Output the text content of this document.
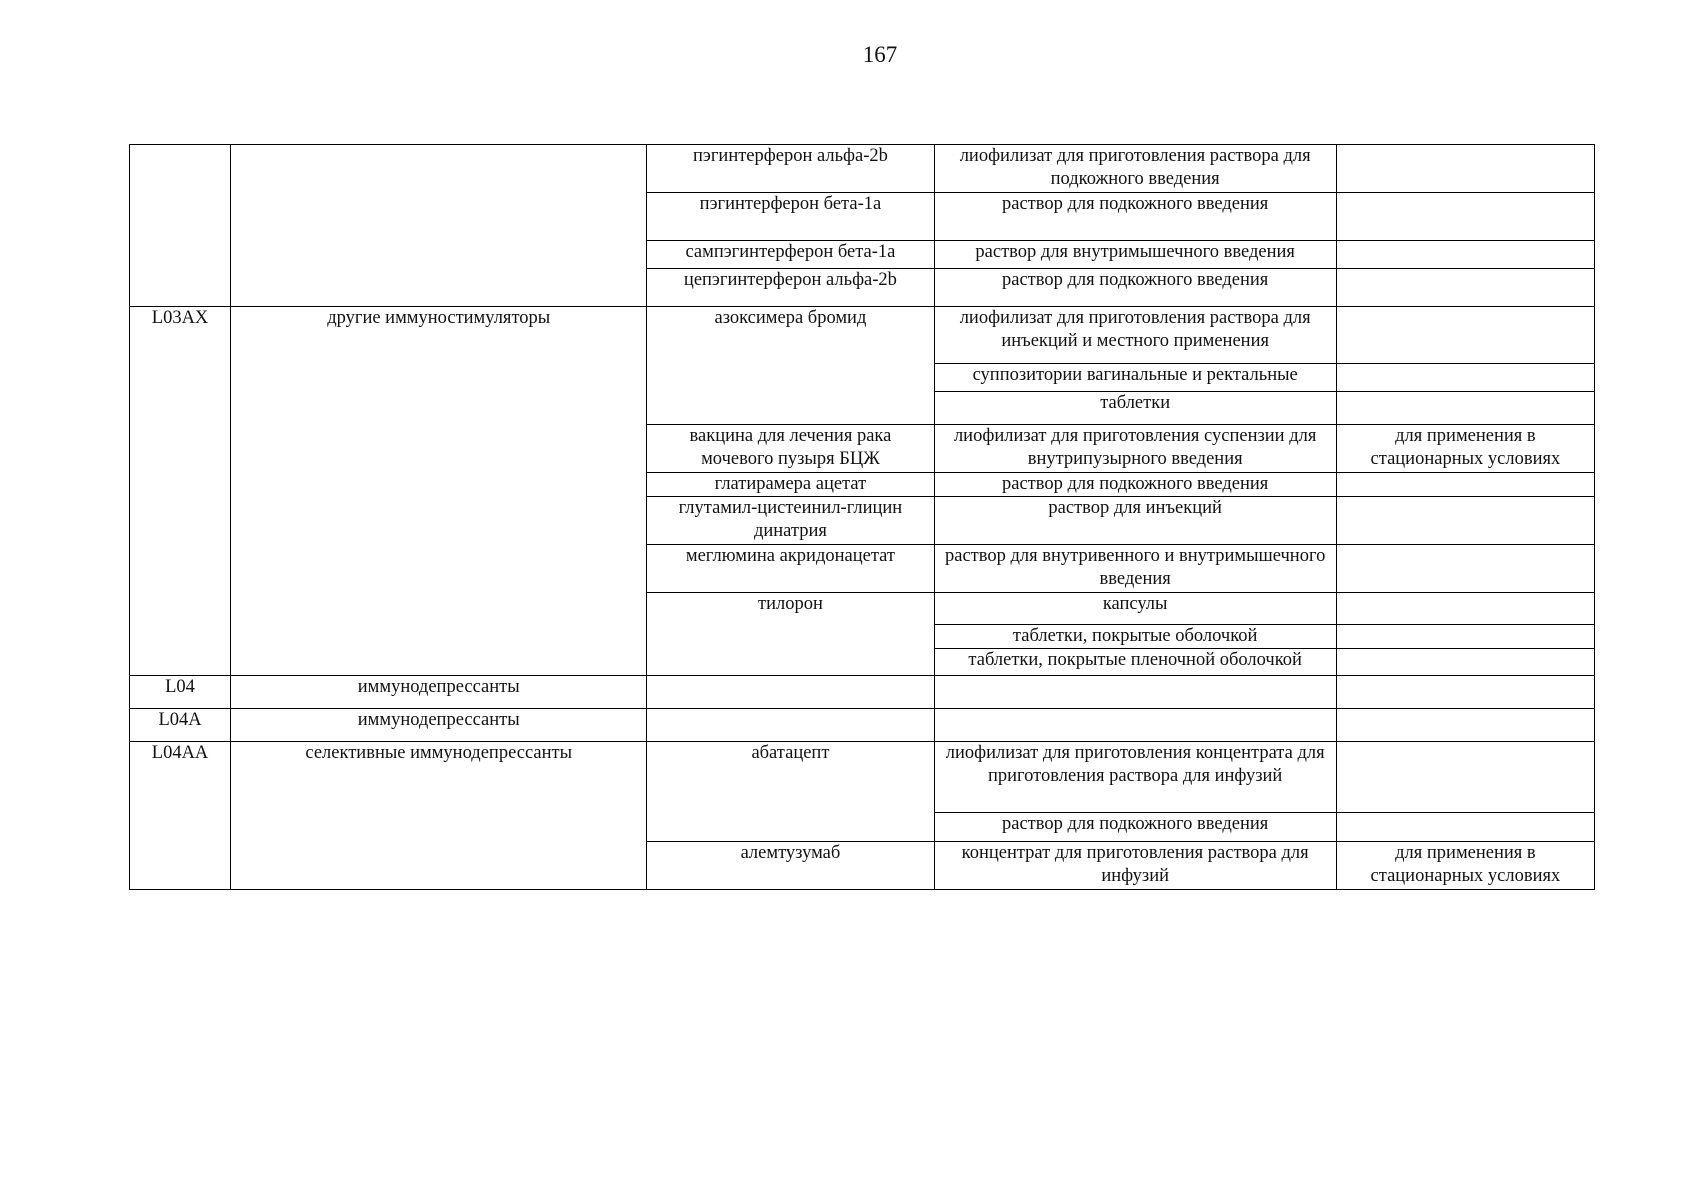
167
		пэгинтерферон альфа-2b	лиофилизат для приготовления раствора для подкожного введения	
		пэгинтерферон бета-1a	раствор для подкожного введения	
		сампэгинтерферон бета-1a	раствор для внутримышечного введения	
		цепэгинтерферон альфа-2b	раствор для подкожного введения	
L03AX	другие иммуностимуляторы	азоксимера бромид	лиофилизат для приготовления раствора для инъекций и местного применения	
			суппозитории вагинальные и ректальные	
			таблетки	
		вакцина для лечения рака мочевого пузыря БЦЖ	лиофилизат для приготовления суспензии для внутрипузырного введения	для применения в стационарных условиях
		глатирамера ацетат	раствор для подкожного введения	
		глутамил-цистеинил-глицин динатрия	раствор для инъекций	
		меглюмина акридонацетат	раствор для внутривенного и внутримышечного введения	
		тилорон	капсулы	
			таблетки, покрытые оболочкой	
			таблетки, покрытые пленочной оболочкой	
L04	иммунодепрессанты			
L04A	иммунодепрессанты			
L04AA	селективные иммунодепрессанты	абатацепт	лиофилизат для приготовления концентрата для приготовления раствора для инфузий	
			раствор для подкожного введения	
		алемтузумаб	концентрат для приготовления раствора для инфузий	для применения в стационарных условиях
